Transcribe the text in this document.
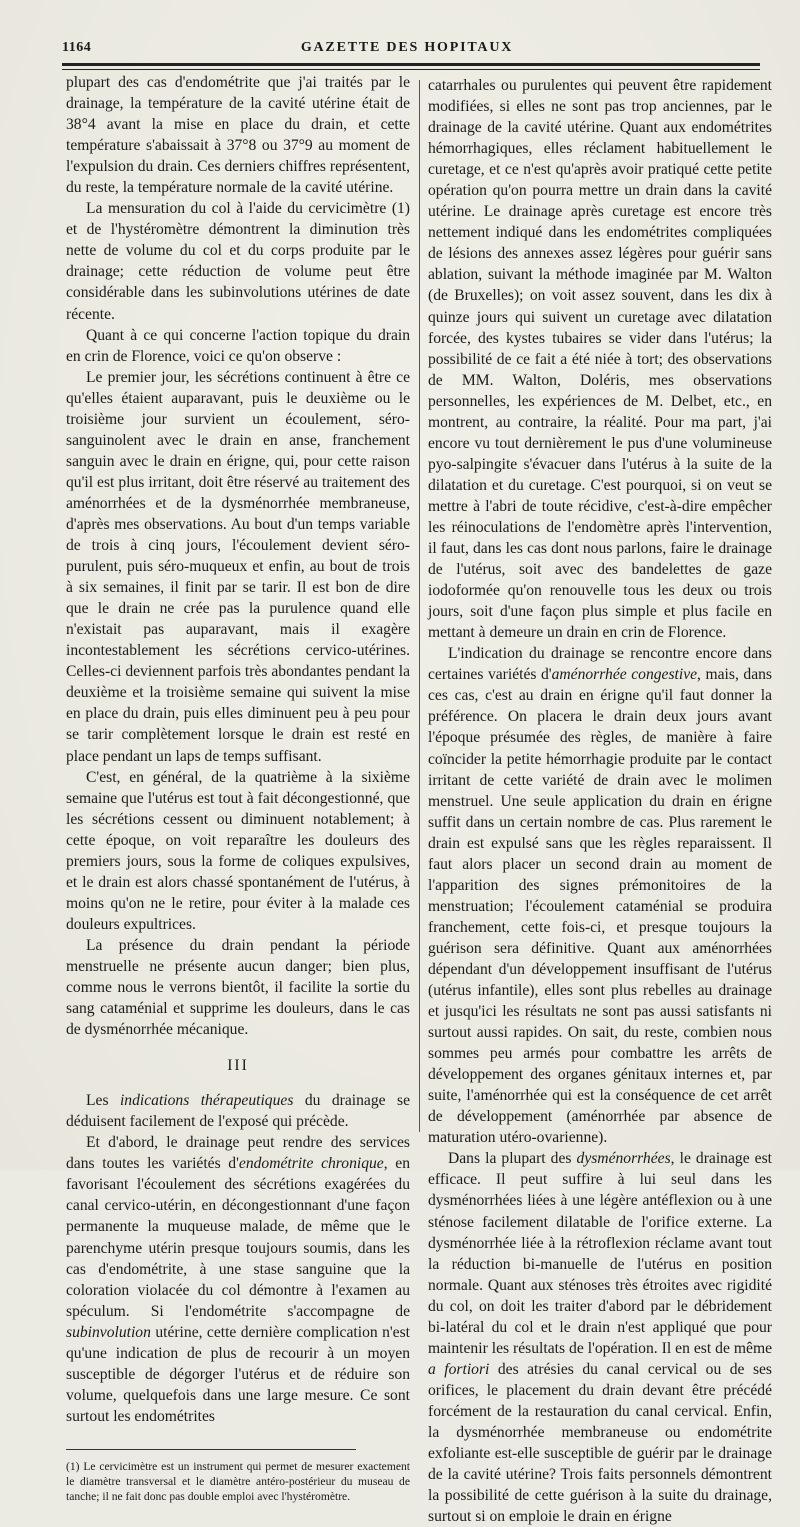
1164	GAZETTE DES HOPITAUX

plupart des cas d'endométrite que j'ai traités par le drainage, la température de la cavité utérine était de 38°4 avant la mise en place du drain, et cette température s'abaissait à 37°8 ou 37°9 au moment de l'expulsion du drain. Ces derniers chiffres représentent, du reste, la température normale de la cavité utérine.

La mensuration du col à l'aide du cervicimètre (1) et de l'hystéromètre démontrent la diminution très nette de volume du col et du corps produite par le drainage; cette réduction de volume peut être considérable dans les subinvolutions utérines de date récente.

Quant à ce qui concerne l'action topique du drain en crin de Florence, voici ce qu'on observe :

Le premier jour, les sécrétions continuent à être ce qu'elles étaient auparavant, puis le deuxième ou le troisième jour survient un écoulement, séro-sanguinolent avec le drain en anse, franchement sanguin avec le drain en érigne, qui, pour cette raison qu'il est plus irritant, doit être réservé au traitement des aménorrhées et de la dysménorrhée membraneuse, d'après mes observations. Au bout d'un temps variable de trois à cinq jours, l'écoulement devient séro-purulent, puis séro-muqueux et enfin, au bout de trois à six semaines, il finit par se tarir. Il est bon de dire que le drain ne crée pas la purulence quand elle n'existait pas auparavant, mais il exagère incontestablement les sécrétions cervico-utérines. Celles-ci deviennent parfois très abondantes pendant la deuxième et la troisième semaine qui suivent la mise en place du drain, puis elles diminuent peu à peu pour se tarir complètement lorsque le drain est resté en place pendant un laps de temps suffisant.

C'est, en général, de la quatrième à la sixième semaine que l'utérus est tout à fait décongestionné, que les sécrétions cessent ou diminuent notablement; à cette époque, on voit reparaître les douleurs des premiers jours, sous la forme de coliques expulsives, et le drain est alors chassé spontanément de l'utérus, à moins qu'on ne le retire, pour éviter à la malade ces douleurs expultrices.

La présence du drain pendant la période menstruelle ne présente aucun danger; bien plus, comme nous le verrons bientôt, il facilite la sortie du sang cataménial et supprime les douleurs, dans le cas de dysménorrhée mécanique.

III

Les indications thérapeutiques du drainage se déduisent facilement de l'exposé qui précède.

Et d'abord, le drainage peut rendre des services dans toutes les variétés d'endométrite chronique, en favorisant l'écoulement des sécrétions exagérées du canal cervico-utérin, en décongestionnant d'une façon permanente la muqueuse malade, de même que le parenchyme utérin presque toujours soumis, dans les cas d'endométrite, à une stase sanguine que la coloration violacée du col démontre à l'examen au spéculum. Si l'endométrite s'accompagne de subinvolution utérine, cette dernière complication n'est qu'une indication de plus de recourir à un moyen susceptible de dégorger l'utérus et de réduire son volume, quelquefois dans une large mesure. Ce sont surtout les endométrites

(1) Le cervicimètre est un instrument qui permet de mesurer exactement le diamètre transversal et le diamètre antéro-postérieur du museau de tanche; il ne fait donc pas double emploi avec l'hystéromètre.

catarrhales ou purulentes qui peuvent être rapidement modifiées, si elles ne sont pas trop anciennes, par le drainage de la cavité utérine. Quant aux endométrites hémorrhagiques, elles réclament habituellement le curetage, et ce n'est qu'après avoir pratiqué cette petite opération qu'on pourra mettre un drain dans la cavité utérine. Le drainage après curetage est encore très nettement indiqué dans les endométrites compliquées de lésions des annexes assez légères pour guérir sans ablation, suivant la méthode imaginée par M. Walton (de Bruxelles); on voit assez souvent, dans les dix à quinze jours qui suivent un curetage avec dilatation forcée, des kystes tubaires se vider dans l'utérus; la possibilité de ce fait a été niée à tort; des observations de MM. Walton, Doléris, mes observations personnelles, les expériences de M. Delbet, etc., en montrent, au contraire, la réalité. Pour ma part, j'ai encore vu tout dernièrement le pus d'une volumineuse pyo-salpingite s'évacuer dans l'utérus à la suite de la dilatation et du curetage. C'est pourquoi, si on veut se mettre à l'abri de toute récidive, c'est-à-dire empêcher les réinoculations de l'endomètre après l'intervention, il faut, dans les cas dont nous parlons, faire le drainage de l'utérus, soit avec des bandelettes de gaze iodoformée qu'on renouvelle tous les deux ou trois jours, soit d'une façon plus simple et plus facile en mettant à demeure un drain en crin de Florence.

L'indication du drainage se rencontre encore dans certaines variétés d'aménorrhée congestive, mais, dans ces cas, c'est au drain en érigne qu'il faut donner la préférence. On placera le drain deux jours avant l'époque présumée des règles, de manière à faire coïncider la petite hémorrhagie produite par le contact irritant de cette variété de drain avec le molimen menstruel. Une seule application du drain en érigne suffit dans un certain nombre de cas. Plus rarement le drain est expulsé sans que les règles reparaissent. Il faut alors placer un second drain au moment de l'apparition des signes prémonitoires de la menstruation; l'écoulement cataménial se produira franchement, cette fois-ci, et presque toujours la guérison sera définitive. Quant aux aménorrhées dépendant d'un développement insuffisant de l'utérus (utérus infantile), elles sont plus rebelles au drainage et jusqu'ici les résultats ne sont pas aussi satisfants ni surtout aussi rapides. On sait, du reste, combien nous sommes peu armés pour combattre les arrêts de développement des organes génitaux internes et, par suite, l'aménorrhée qui est la conséquence de cet arrêt de développement (aménorrhée par absence de maturation utéro-ovarienne).

Dans la plupart des dysménorrhées, le drainage est efficace. Il peut suffire à lui seul dans les dysménorrhées liées à une légère antéflexion ou à une sténose facilement dilatable de l'orifice externe. La dysménorrhée liée à la rétroflexion réclame avant tout la réduction bi-manuelle de l'utérus en position normale. Quant aux sténoses très étroites avec rigidité du col, on doit les traiter d'abord par le débridement bi-latéral du col et le drain n'est appliqué que pour maintenir les résultats de l'opération. Il en est de même a fortiori des atrésies du canal cervical ou de ses orifices, le placement du drain devant être précédé forcément de la restauration du canal cervical. Enfin, la dysménorrhée membraneuse ou endométrite exfoliante est-elle susceptible de guérir par le drainage de la cavité utérine? Trois faits personnels démontrent la possibilité de cette guérison à la suite du drainage, surtout si on emploie le drain en érigne
